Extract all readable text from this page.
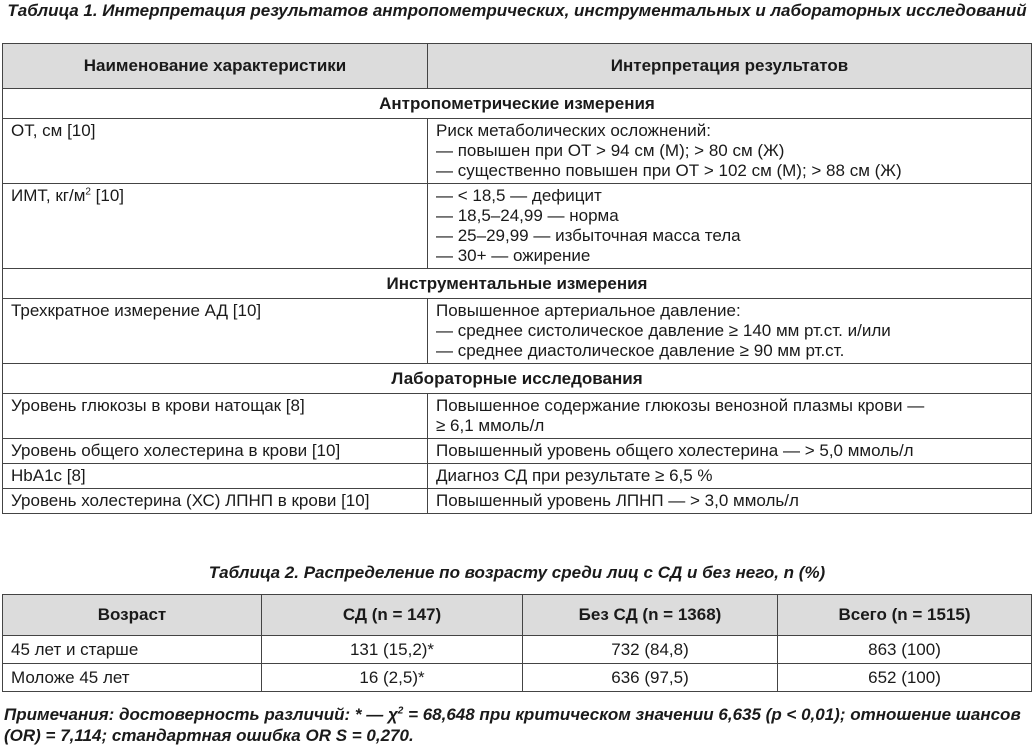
Таблица 1. Интерпретация результатов антропометрических, инструментальных и лабораторных исследований
Наименование характеристики	Интерпретация результатов
Антропометрические измерения	
ОТ, см [10]	Риск метаболических осложнений:
— повышен при ОТ > 94 см (М); > 80 см (Ж)
— существенно повышен при ОТ > 102 см (М); > 88 см (Ж)

ИМТ, $кг/м^2$ [10]	— < 18,5 — дефицит
— 18,5–24,99 — норма
— 25–29,99 — избыточная масса тела
— 30+ — ожирение

Инструментальные измерения	
Трехкратное измерение АД [10]	Повышенное артериальное давление:
— среднее систолическое давление ≥ 140 мм рт.ст. и/или
— среднее диастолическое давление ≥ 90 мм рт.ст.

Лабораторные исследования	
Уровень глюкозы в крови натощак [8]	Повышенное содержание глюкозы венозной плазмы крови —
≥ 6,1 ммоль/л

Уровень общего холестерина в крови [10]	Повышенный уровень общего холестерина — > 5,0 ммоль/л

HbA1c [8]	Диагноз СД при результате ≥ 6,5 %

Уровень холестерина (ХС) ЛПНП в крови [10]	Повышенный уровень ЛПНП — > 3,0 ммоль/л
Таблица 2. Распределение по возрасту среди лиц с СД и без него, n (%)
Возраст	СД (n = 147)	Без СД (n = 1368)	Всего (n = 1515)
45 лет и старше	131 (15,2)*	732 (84,8)	863 (100)
Моложе 45 лет	16 (2,5)*	636 (97,5)	652 (100)
Примечания: достоверность различий: * — $\chi^2 = 68,648$ при критическом значении 6,635 (p < 0,01); отношение шансов (OR) = 7,114; стандартная ошибка OR S = 0,270.
